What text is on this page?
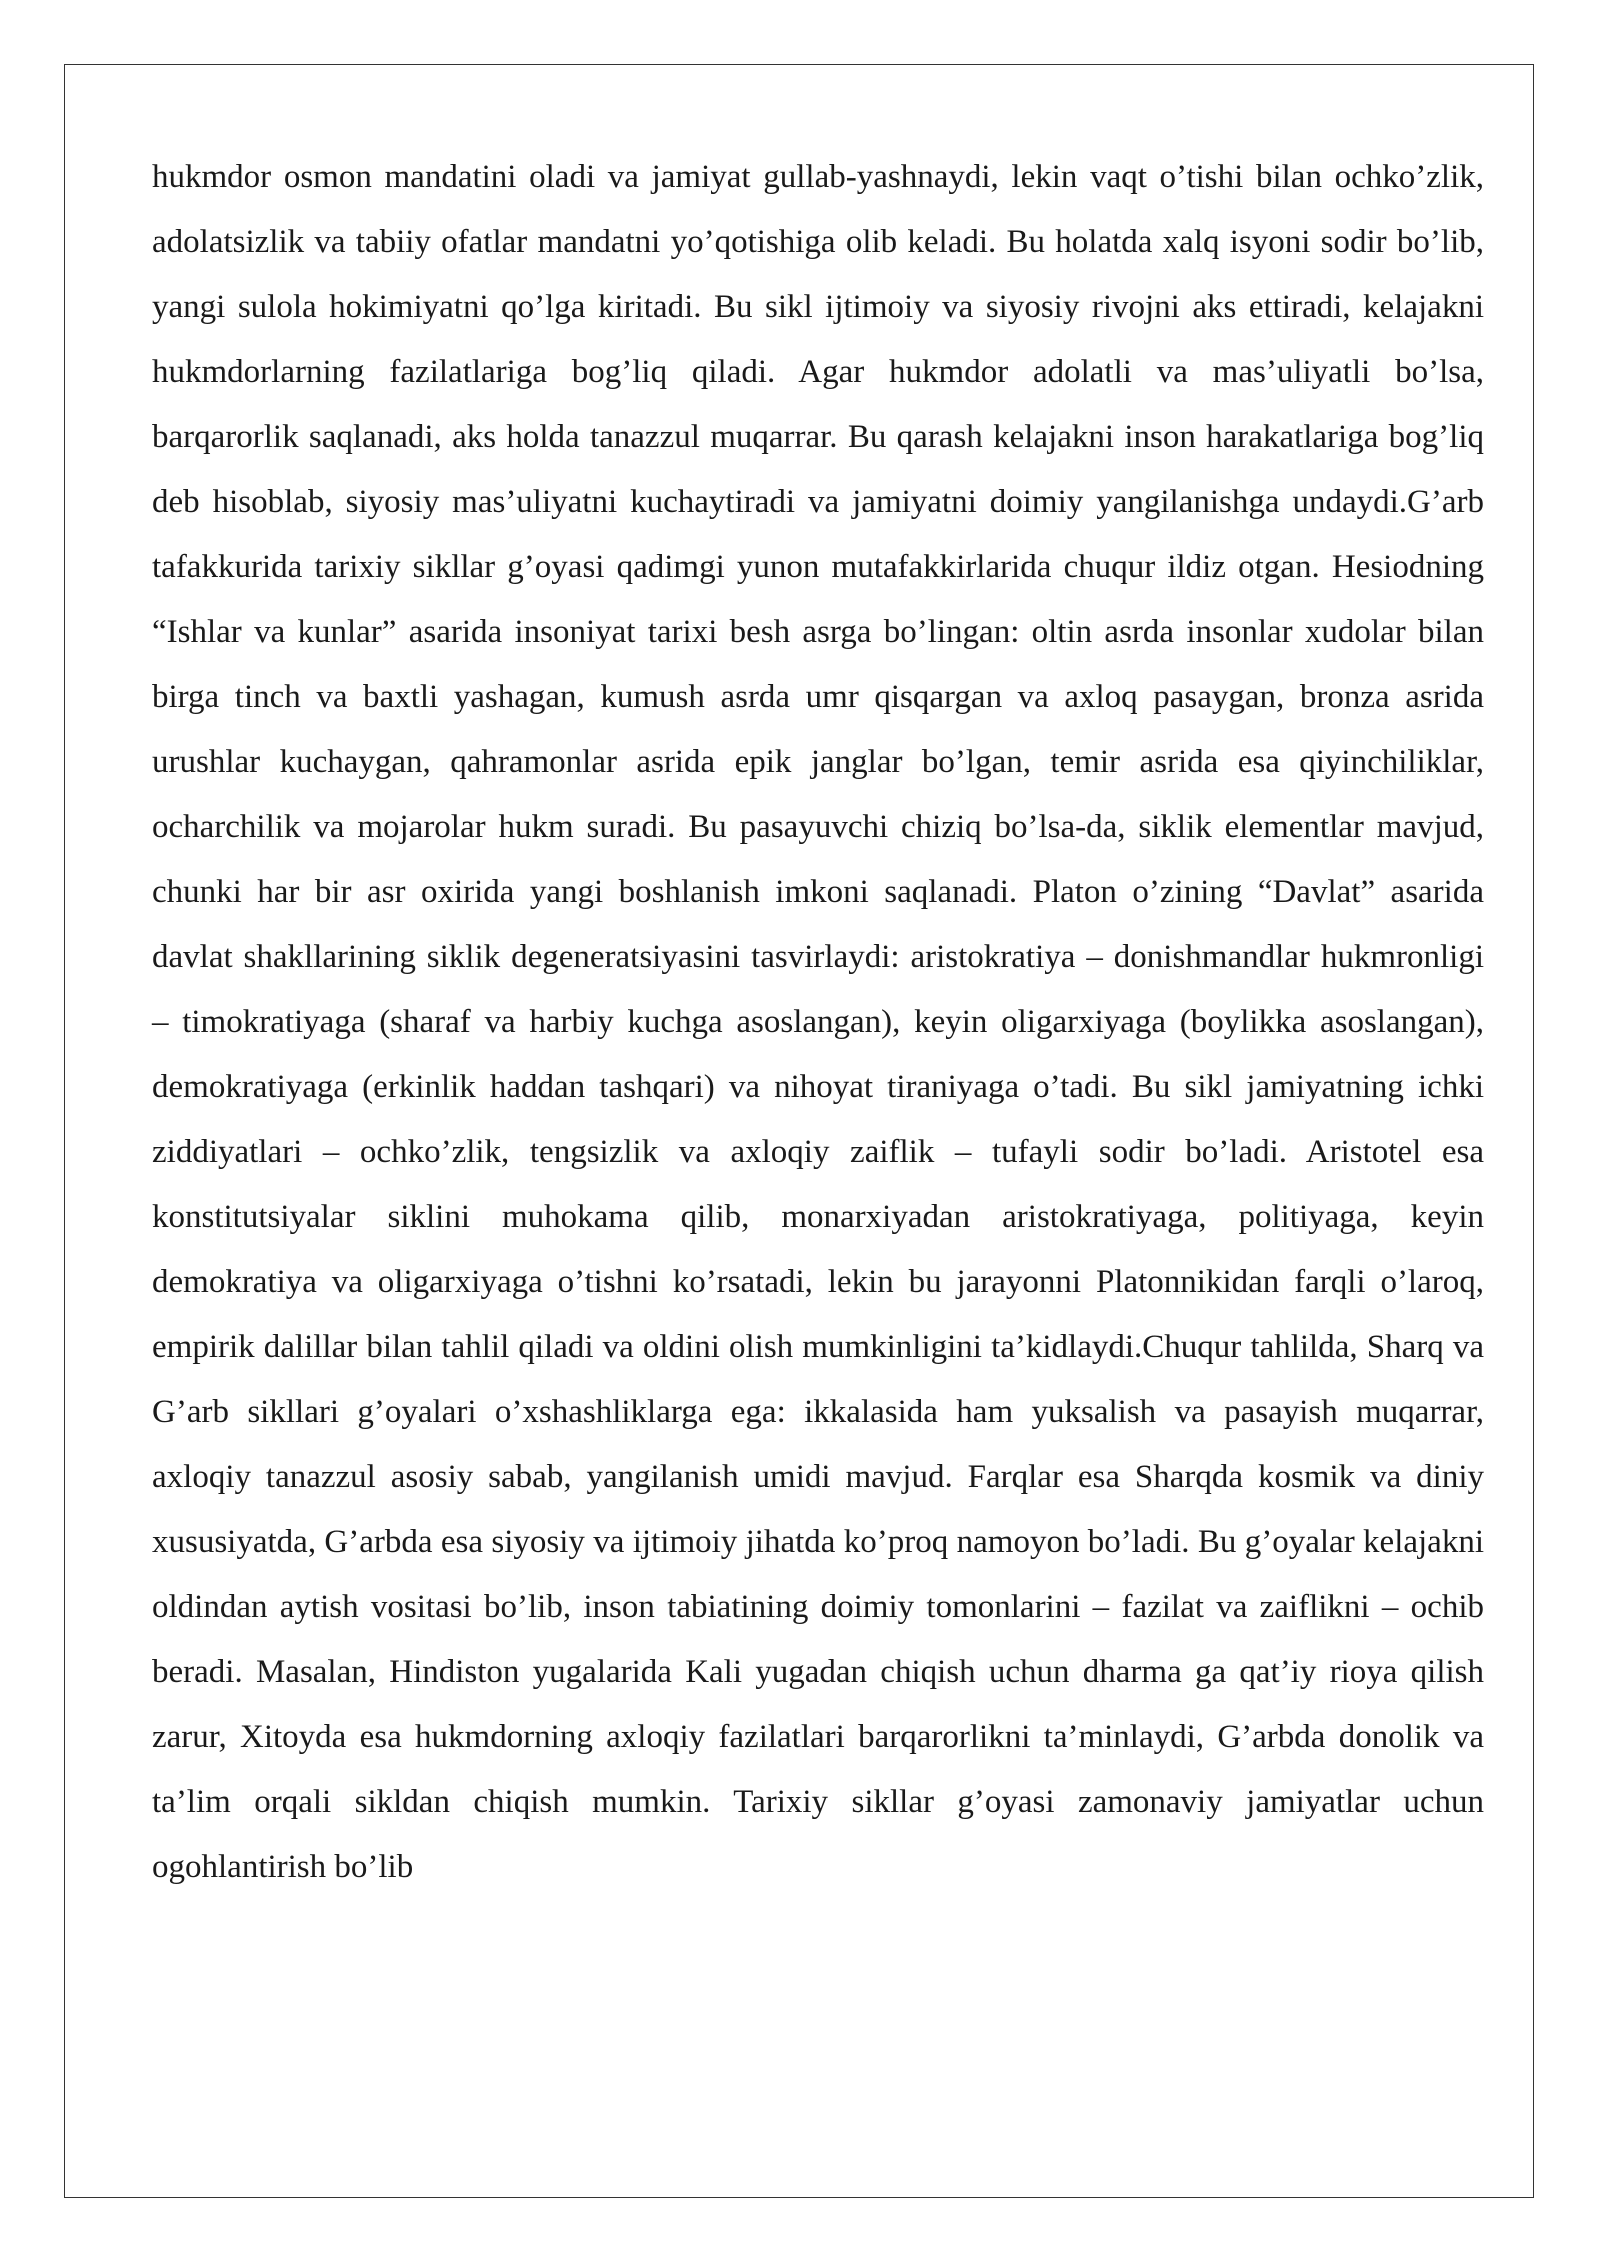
hukmdor osmon mandatini oladi va jamiyat gullab-yashnaydi, lekin vaqt o’tishi bilan ochko’zlik, adolatsizlik va tabiiy ofatlar mandatni yo’qotishiga olib keladi. Bu holatda xalq isyoni sodir bo’lib, yangi sulola hokimiyatni qo’lga kiritadi. Bu sikl ijtimoiy va siyosiy rivojni aks ettiradi, kelajakni hukmdorlarning fazilatlariga bog’liq qiladi. Agar hukmdor adolatli va mas’uliyatli bo’lsa, barqarorlik saqlanadi, aks holda tanazzul muqarrar. Bu qarash kelajakni inson harakatlariga bog’liq deb hisoblab, siyosiy mas’uliyatni kuchaytiradi va jamiyatni doimiy yangilanishga undaydi.G’arb tafakkurida tarixiy sikllar g’oyasi qadimgi yunon mutafakkirlarida chuqur ildiz otgan. Hesiodning “Ishlar va kunlar” asarida insoniyat tarixi besh asrga bo’lingan: oltin asrda insonlar xudolar bilan birga tinch va baxtli yashagan, kumush asrda umr qisqargan va axloq pasaygan, bronza asrida urushlar kuchaygan, qahramonlar asrida epik janglar bo’lgan, temir asrida esa qiyinchiliklar, ocharchilik va mojarolar hukm suradi. Bu pasayuvchi chiziq bo’lsa-da, siklik elementlar mavjud, chunki har bir asr oxirida yangi boshlanish imkoni saqlanadi. Platon o’zining “Davlat” asarida davlat shakllarining siklik degeneratsiyasini tasvirlaydi: aristokratiya – donishmandlar hukmronligi – timokratiyaga (sharaf va harbiy kuchga asoslangan), keyin oligarxiyaga (boylikka asoslangan), demokratiyaga (erkinlik haddan tashqari) va nihoyat tiraniyaga o’tadi. Bu sikl jamiyatning ichki ziddiyatlari – ochko’zlik, tengsizlik va axloqiy zaiflik – tufayli sodir bo’ladi. Aristotel esa konstitutsiyalar siklini muhokama qilib, monarxiyadan aristokratiyaga, politiyaga, keyin demokratiya va oligarxiyaga o’tishni ko’rsatadi, lekin bu jarayonni Platonnikidan farqli o’laroq, empirik dalillar bilan tahlil qiladi va oldini olish mumkinligini ta’kidlaydi.Chuqur tahlilda, Sharq va G’arb sikllari g’oyalari o’xshashliklarga ega: ikkalasida ham yuksalish va pasayish muqarrar, axloqiy tanazzul asosiy sabab, yangilanish umidi mavjud. Farqlar esa Sharqda kosmik va diniy xususiyatda, G’arbda esa siyosiy va ijtimoiy jihatda ko’proq namoyon bo’ladi. Bu g’oyalar kelajakni oldindan aytish vositasi bo’lib, inson tabiatining doimiy tomonlarini – fazilat va zaiflikni – ochib beradi. Masalan, Hindiston yugalarida Kali yugadan chiqish uchun dharma ga qat’iy rioya qilish zarur, Xitoyda esa hukmdorning axloqiy fazilatlari barqarorlikni ta’minlaydi, G’arbda donolik va ta’lim orqali sikldan chiqish mumkin. Tarixiy sikllar g’oyasi zamonaviy jamiyatlar uchun ogohlantirish bo’lib
